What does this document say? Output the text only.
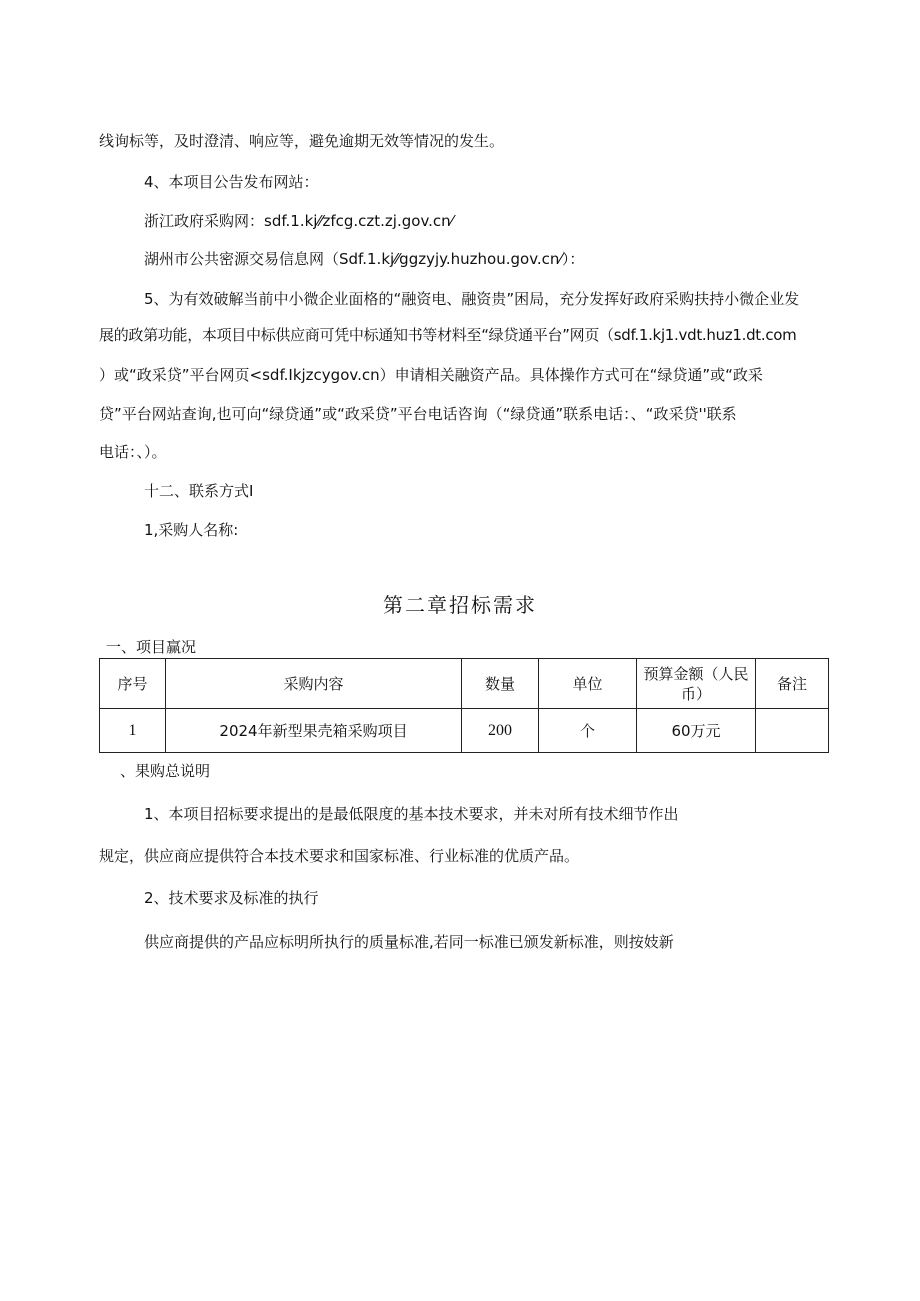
线询标等，及时澄清、响应等，避免逾期无效等情况的发生。
4、本项目公告发布网站：
浙江政府采购网：sdf.1.kj⁄⁄zfcg.czt.zj.gov.cn⁄
湖州市公共密源交易信息网（Sdf.1.kj⁄⁄ggzyjy.huzhou.gov.cn⁄）：
5、为有效破解当前中小微企业面格的“融资电、融资贵”困局，充分发挥好政府采购扶持小微企业发
展的政第功能，本项目中标供应商可凭中标通知书等材料至“绿贷通平台”网页（sdf.1.kj1.vdt.huz1.dt.com
）或“政采贷”平台网页<sdf.Ikjzcygov.cn）申请相关融资产品。具体操作方式可在“绿贷通”或“政采
贷”平台网站查询,也可向“绿贷通”或“政采贷”平台电话咨询（“绿贷通”联系电话：、“政采贷''联系
电话：、）。
十二、联系方式I
1,采购人名称:
第二章招标需求
一、项目赢况
序号	采购内容	数量	单位	预算金额（人民币）	备注
1	2024年新型果壳箱采购项目	200	个	60万元	
、果购总说明
1、本项目招标要求提出的是最低限度的基本技术要求，并未对所有技术细节作出
规定，供应商应提供符合本技术要求和国家标准、行业标准的优质产品。
2、技术要求及标准的执行
供应商提供的产品应标明所执行的质量标准,若同一标准已颁发新标准，则按妓新
